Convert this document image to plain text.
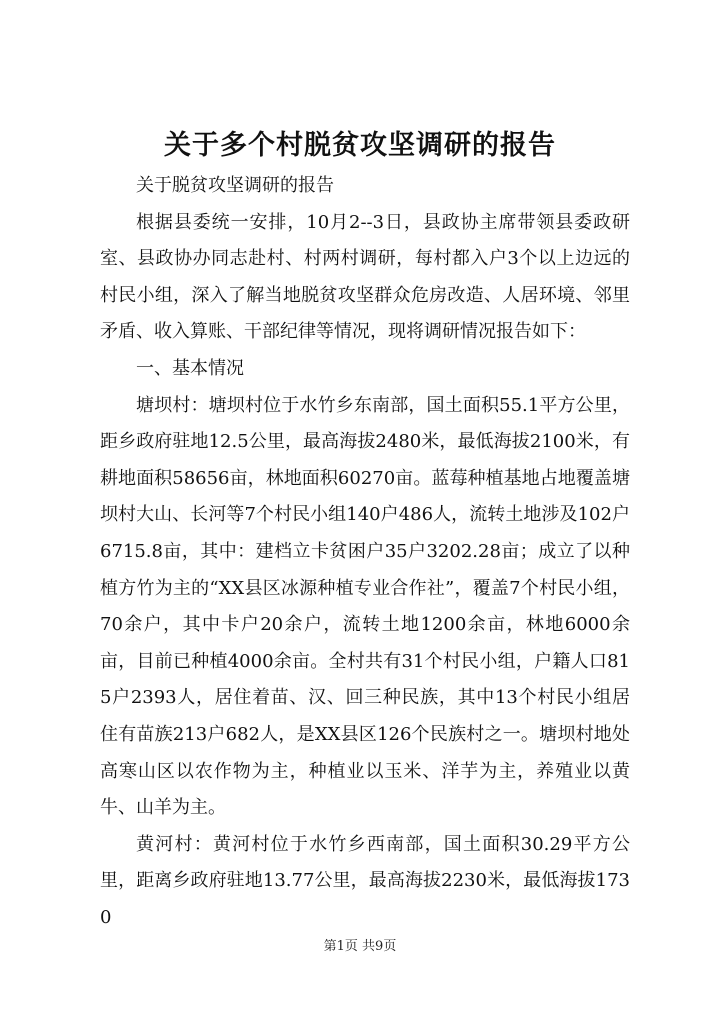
关于多个村脱贫攻坚调研的报告

关于脱贫攻坚调研的报告

根据县委统一安排，10月2--3日，县政协主席带领县委政研室、县政协办同志赴村、村两村调研，每村都入户3个以上边远的村民小组，深入了解当地脱贫攻坚群众危房改造、人居环境、邻里矛盾、收入算账、干部纪律等情况，现将调研情况报告如下：

一、基本情况

塘坝村：塘坝村位于水竹乡东南部，国土面积55.1平方公里，距乡政府驻地12.5公里，最高海拔2480米，最低海拔2100米，有耕地面积58656亩，林地面积60270亩。蓝莓种植基地占地覆盖塘坝村大山、长河等7个村民小组140户486人，流转土地涉及102户6715.8亩，其中：建档立卡贫困户35户3202.28亩；成立了以种植方竹为主的“XX县区冰源种植专业合作社”，覆盖7个村民小组，70余户，其中卡户20余户，流转土地1200余亩，林地6000余亩，目前已种植4000余亩。全村共有31个村民小组，户籍人口815户2393人，居住着苗、汉、回三种民族，其中13个村民小组居住有苗族213户682人，是XX县区126个民族村之一。塘坝村地处高寒山区以农作物为主，种植业以玉米、洋芋为主，养殖业以黄牛、山羊为主。

黄河村：黄河村位于水竹乡西南部，国土面积30.29平方公里，距离乡政府驻地13.77公里，最高海拔2230米，最低海拔1730

第1页 共9页
